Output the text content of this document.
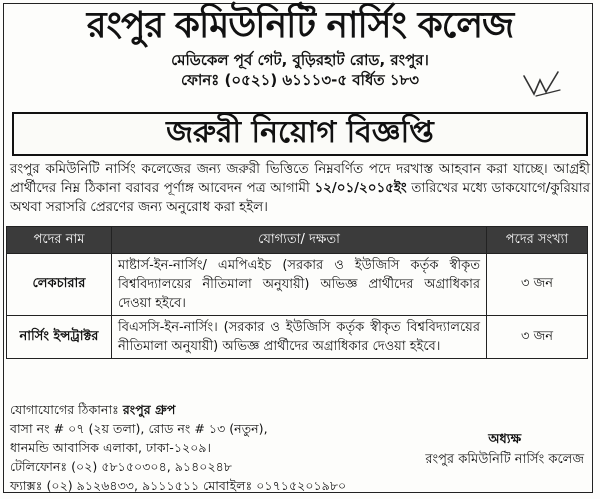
রংপুর কমিউনিটি নার্সিং কলেজ
মেডিকেল পূর্ব গেট, বুড়িরহাট রোড, রংপুর।
ফোনঃ (০৫২১) ৬১১১৩-৫ বর্ধিত ১৮৩
জরুরী নিয়োগ বিজ্ঞপ্তি
রংপুর কমিউনিটি নার্সিং কলেজের জন্য জরুরী ভিত্তিতে নিম্নবর্ণিত পদে দরখাস্ত আহবান করা যাচ্ছে। আগ্রহী প্রার্থীদের নিম্ন ঠিকানা বরাবর পূর্ণাঙ্গ আবেদন পত্র আগামী ১২/০১/২০১৫ইং তারিখের মধ্যে ডাকযোগে/কুরিয়ার অথবা সরাসরি প্রেরণের জন্য অনুরোধ করা হইল।
পদের নাম	যোগ্যতা/ দক্ষতা	পদের সংখ্যা
লেকচারার	মাষ্টার্স-ইন-নার্সিং/ এমপিএইচ (সরকার ও ইউজিসি কর্তৃক স্বীকৃত বিশ্ববিদ্যালয়ের নীতিমালা অনুযায়ী) অভিজ্ঞ প্রার্থীদের অগ্রাধিকার দেওয়া হইবে।	৩ জন
নার্সিং ইন্সট্রাক্টর	বিএসসি-ইন-নার্সিং। (সরকার ও ইউজিসি কর্তৃক স্বীকৃত বিশ্ববিদ্যালয়ের নীতিমালা অনুযায়ী) অভিজ্ঞ প্রার্থীদের অগ্রাধিকার দেওয়া হইবে।	৩ জন
যোগাযোগের ঠিকানাঃ রংপুর গ্রুপ
বাসা নং # ০৭ (২য় তলা), রোড নং # ১৩ (নতুন),
ধানমন্ডি আবাসিক এলাকা, ঢাকা-১২০৯।
টেলিফোনঃ (০২) ৫৮১৫০৩০৪, ৯১৪০২৪৮
ফ্যাক্সঃ (০২) ৯১২৬৪৩৩, ৯১১১৫১১ মোবাইলঃ ০১৭১৫২০১৯৮০
অধ্যক্ষ
রংপুর কমিউনিটি নার্সিং কলেজ
